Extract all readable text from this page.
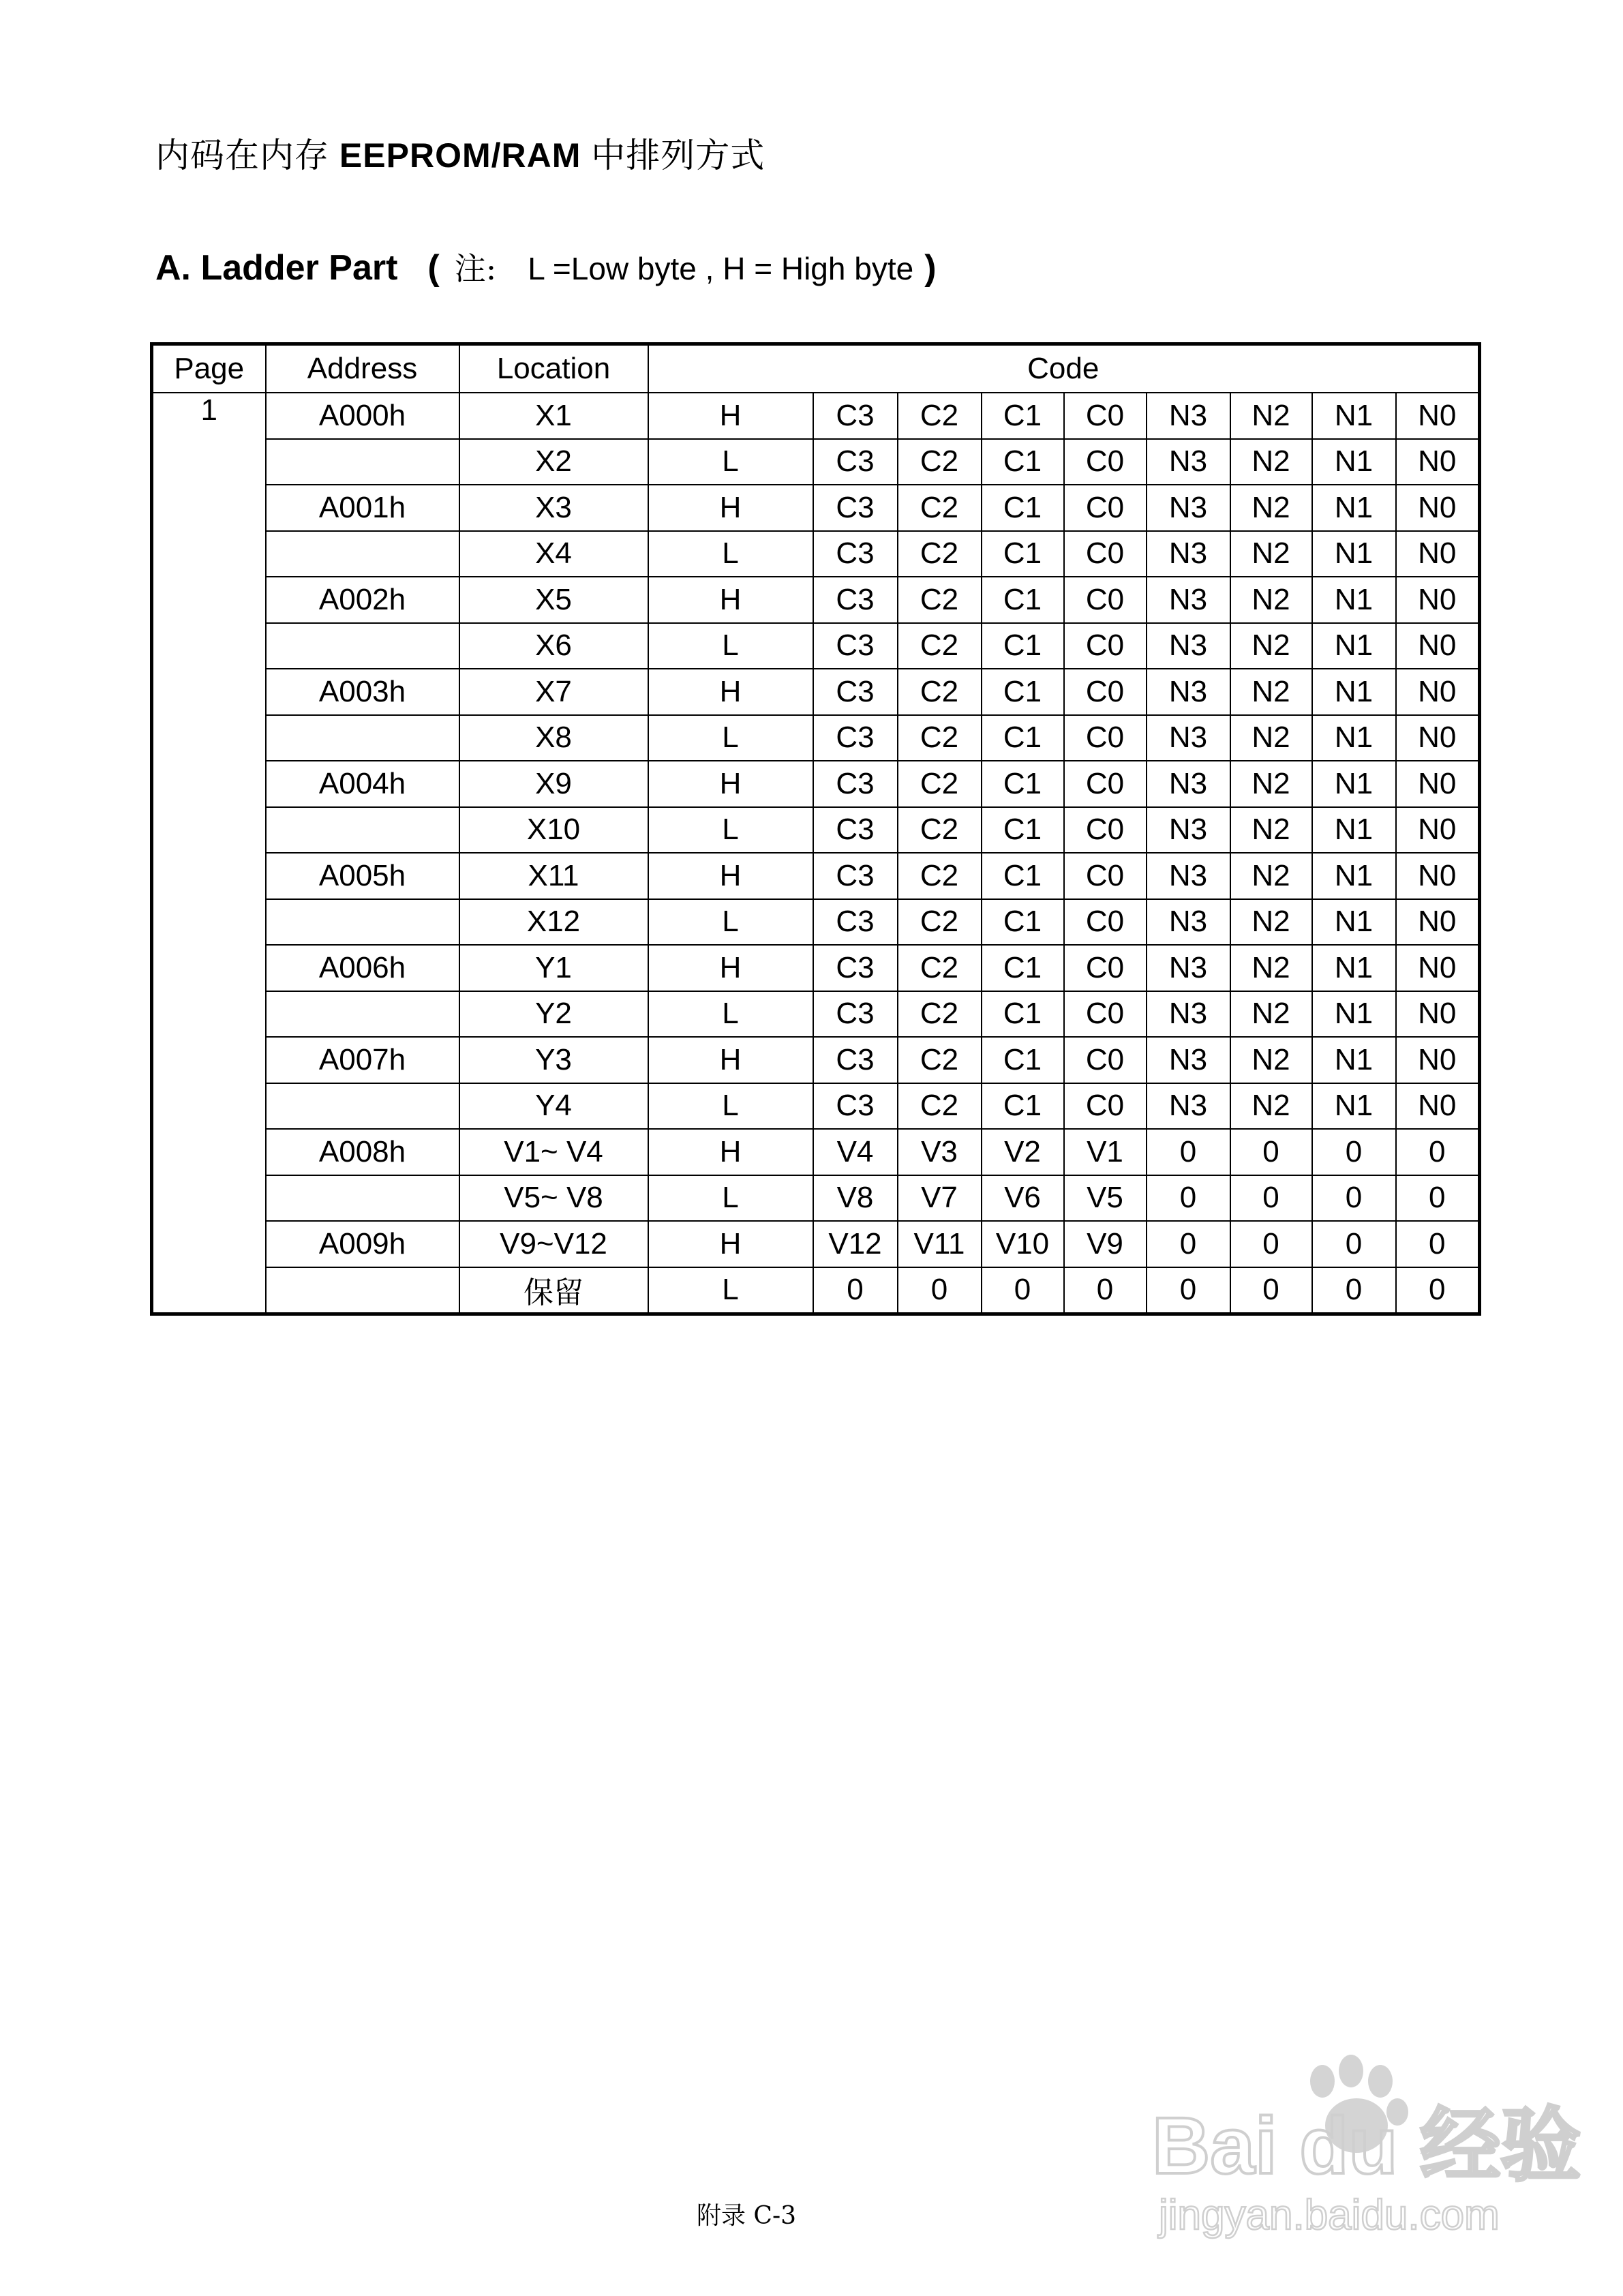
内码在内存 EEPROM/RAM 中排列方式
A. Ladder Part ( 注: L =Low byte , H = High byte )
Page	Address	Location	Code								
1	A000h	X1	H	C3	C2	C1	C0	N3	N2	N1	N0
		X2	L	C3	C2	C1	C0	N3	N2	N1	N0
	A001h	X3	H	C3	C2	C1	C0	N3	N2	N1	N0
		X4	L	C3	C2	C1	C0	N3	N2	N1	N0
	A002h	X5	H	C3	C2	C1	C0	N3	N2	N1	N0
		X6	L	C3	C2	C1	C0	N3	N2	N1	N0
	A003h	X7	H	C3	C2	C1	C0	N3	N2	N1	N0
		X8	L	C3	C2	C1	C0	N3	N2	N1	N0
	A004h	X9	H	C3	C2	C1	C0	N3	N2	N1	N0
		X10	L	C3	C2	C1	C0	N3	N2	N1	N0
	A005h	X11	H	C3	C2	C1	C0	N3	N2	N1	N0
		X12	L	C3	C2	C1	C0	N3	N2	N1	N0
	A006h	Y1	H	C3	C2	C1	C0	N3	N2	N1	N0
		Y2	L	C3	C2	C1	C0	N3	N2	N1	N0
	A007h	Y3	H	C3	C2	C1	C0	N3	N2	N1	N0
		Y4	L	C3	C2	C1	C0	N3	N2	N1	N0
	A008h	V1~ V4	H	V4	V3	V2	V1	0	0	0	0
		V5~ V8	L	V8	V7	V6	V5	0	0	0	0
	A009h	V9~V12	H	V12	V11	V10	V9	0	0	0	0
		保留	L	0	0	0	0	0	0	0	0
附录 C-3
Bai du 经验
jingyan.baidu.com
